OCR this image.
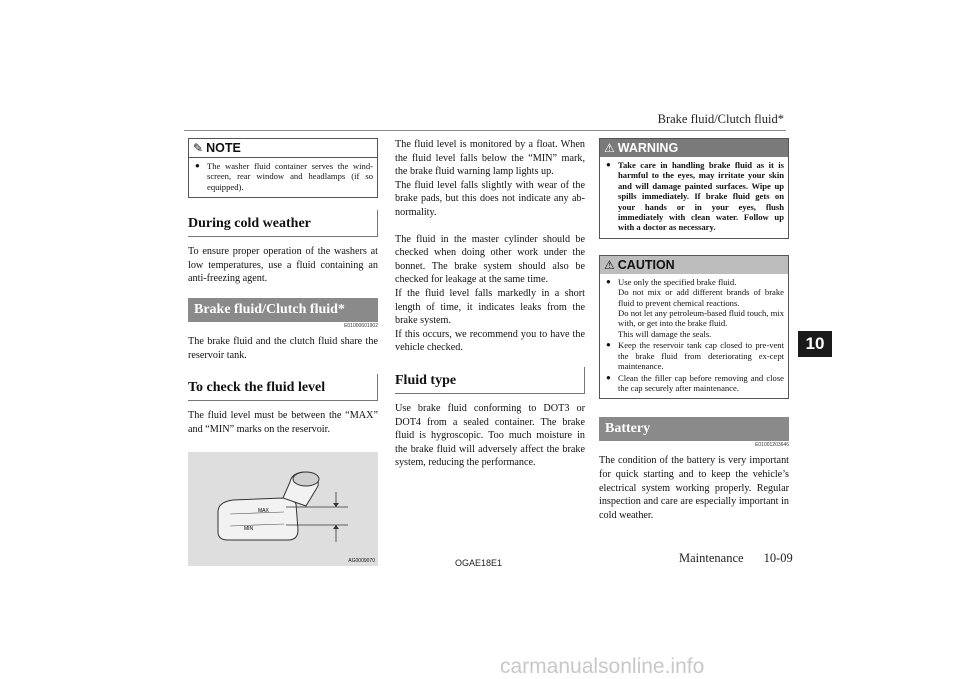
Brake fluid/Clutch fluid*
10
✎ NOTE
● The washer fluid container serves the wind-screen, rear window and headlamps (if so equipped).
During cold weather

To ensure proper operation of the washers at low temperatures, use a fluid containing an anti-freezing agent.

Brake fluid/Clutch fluid*
E01000601902

The brake fluid and the clutch fluid share the reservoir tank.

To check the fluid level

The fluid level must be between the “MAX” and “MIN” marks on the reservoir.

MAX
MIN
AG0009070

The fluid level is monitored by a float. When the fluid level falls below the “MIN” mark, the brake fluid warning lamp lights up.

The fluid level falls slightly with wear of the brake pads, but this does not indicate any ab-normality.

The fluid in the master cylinder should be checked when doing other work under the bonnet. The brake system should also be checked for leakage at the same time.

If the fluid level falls markedly in a short length of time, it indicates leaks from the brake system.

If this occurs, we recommend you to have the vehicle checked.

Fluid type

Use brake fluid conforming to DOT3 or DOT4 from a sealed container. The brake fluid is hygroscopic. Too much moisture in the brake fluid will adversely affect the brake system, reducing the performance.

⚠ WARNING
● Take care in handling brake fluid as it is harmful to the eyes, may irritate your skin and will damage painted surfaces. Wipe up spills immediately. If brake fluid gets on your hands or in your eyes, flush immediately with clean water. Follow up with a doctor as necessary.
⚠ CAUTION
● Use only the specified brake fluid.
Do not mix or add different brands of brake fluid to prevent chemical reactions.
Do not let any petroleum-based fluid touch, mix with, or get into the brake fluid.
This will damage the seals.
● Keep the reservoir tank cap closed to pre-vent the brake fluid from deteriorating ex-cept maintenance.
● Clean the filler cap before removing and close the cap securely after maintenance.
Battery
E01001203646

The condition of the battery is very important for quick starting and to keep the vehicle’s electrical system working properly. Regular inspection and care are especially important in cold weather.

OGAE18E1	Maintenance 10-09
carmanualsonline.info
